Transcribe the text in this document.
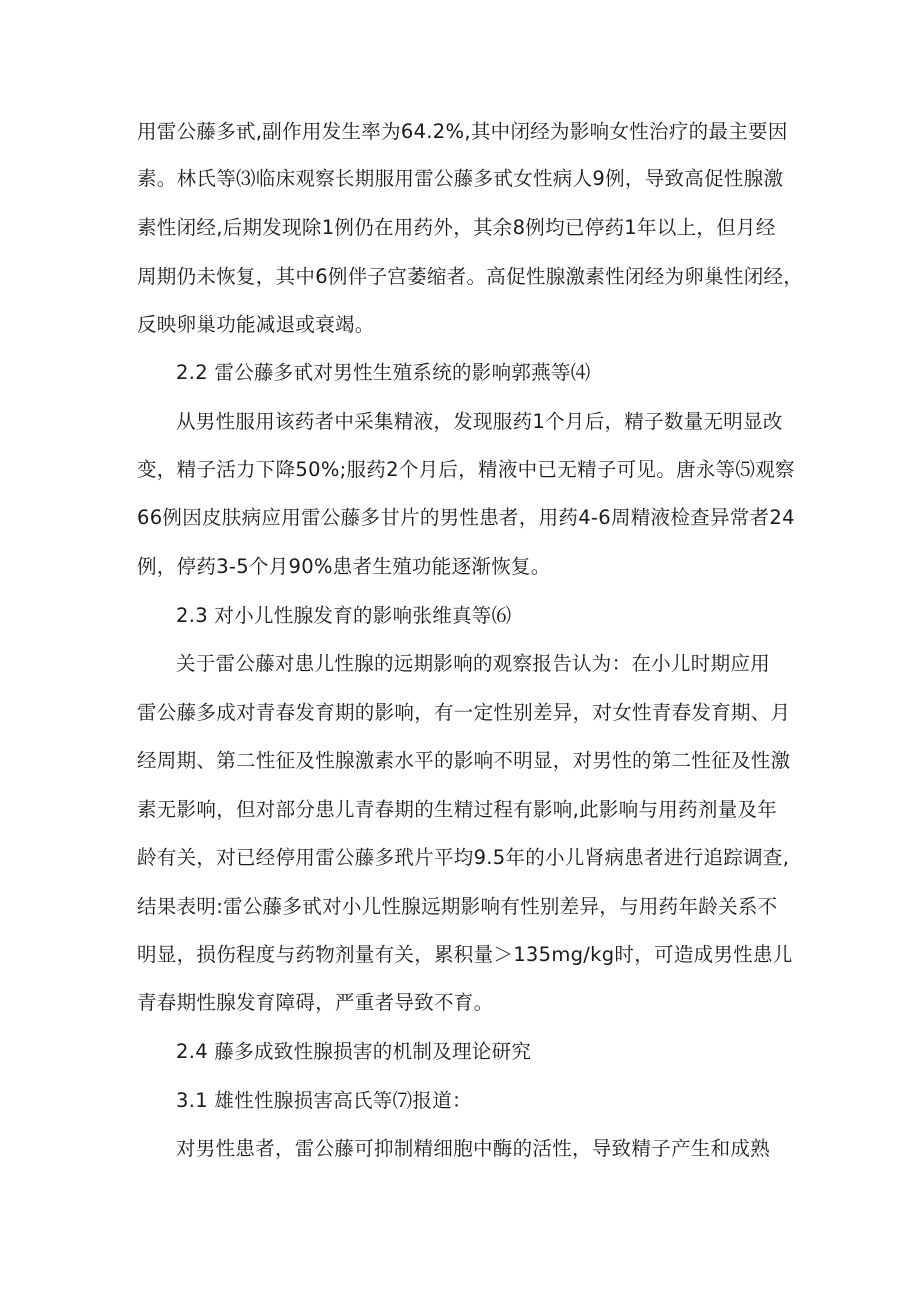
用雷公藤多甙,副作用发生率为64.2%,其中闭经为影响女性治疗的最主要因
素。林氏等⑶临床观察长期服用雷公藤多甙女性病人9例，导致高促性腺激
素性闭经,后期发现除1例仍在用药外，其余8例均已停药1年以上，但月经
周期仍未恢复，其中6例伴子宫萎缩者。高促性腺激素性闭经为卵巢性闭经，
反映卵巢功能减退或衰竭。
2.2 雷公藤多甙对男性生殖系统的影响郭燕等⑷
从男性服用该药者中采集精液，发现服药1个月后，精子数量无明显改
变，精子活力下降50%;服药2个月后，精液中已无精子可见。唐永等⑸观察
66例因皮肤病应用雷公藤多甘片的男性患者，用药4-6周精液检查异常者24
例，停药3-5个月90%患者生殖功能逐渐恢复。
2.3 对小儿性腺发育的影响张维真等⑹
关于雷公藤对患儿性腺的远期影响的观察报告认为：在小儿时期应用
雷公藤多成对青春发育期的影响，有一定性别差异，对女性青春发育期、月
经周期、第二性征及性腺激素水平的影响不明显，对男性的第二性征及性激
素无影响，但对部分患儿青春期的生精过程有影响,此影响与用药剂量及年
龄有关，对已经停用雷公藤多玳片平均9.5年的小儿肾病患者进行追踪调查,
结果表明:雷公藤多甙对小儿性腺远期影响有性别差异，与用药年龄关系不
明显，损伤程度与药物剂量有关，累积量＞135mg∕kg时，可造成男性患儿
青春期性腺发育障碍，严重者导致不育。
2.4 藤多成致性腺损害的机制及理论研究
3.1 雄性性腺损害高氏等⑺报道：
对男性患者，雷公藤可抑制精细胞中酶的活性，导致精子产生和成熟
